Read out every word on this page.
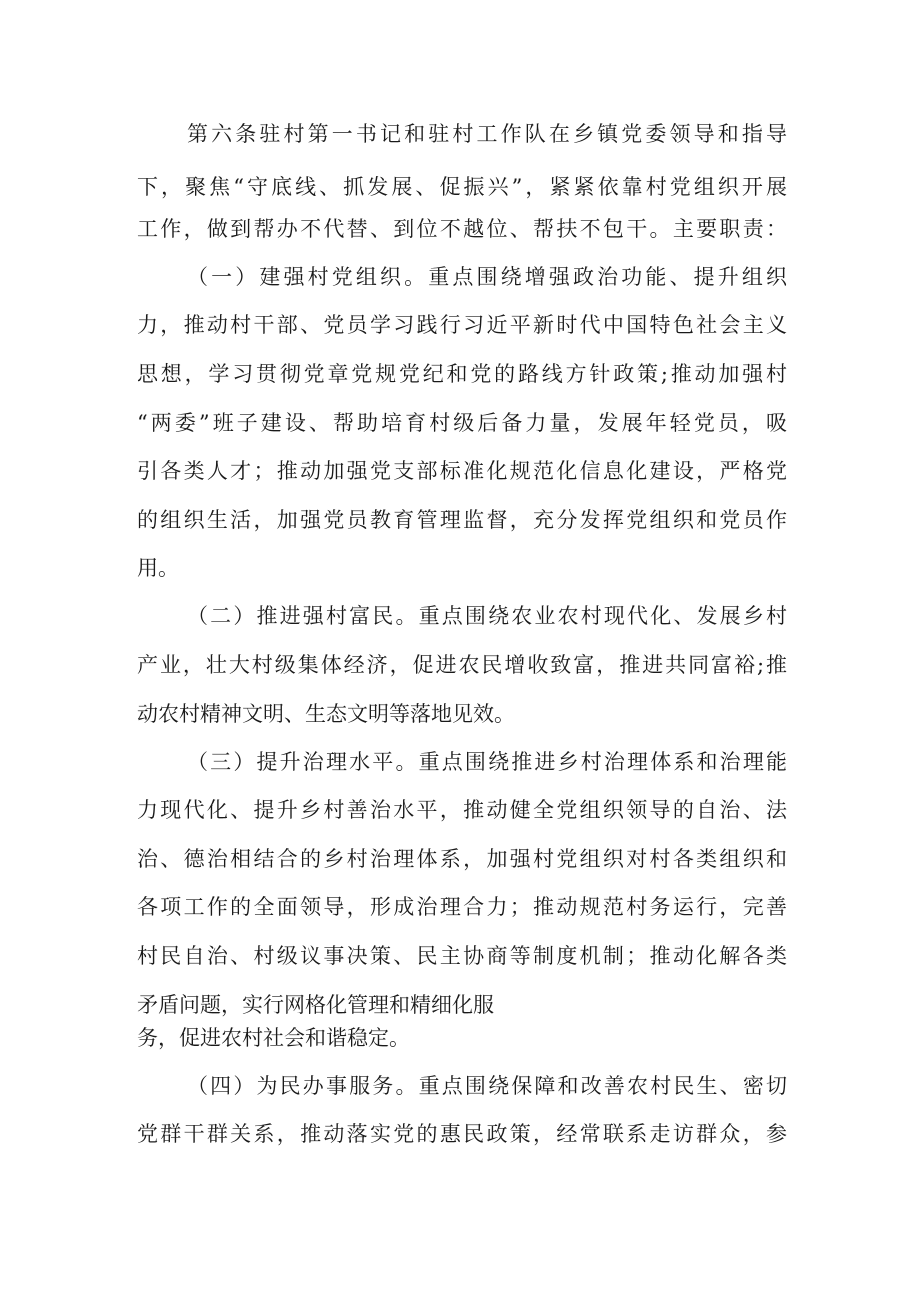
第六条驻村第一书记和驻村工作队在乡镇党委领导和指导
下，聚焦“守底线、抓发展、促振兴”，紧紧依靠村党组织开展
工作，做到帮办不代替、到位不越位、帮扶不包干。主要职责：
（一）建强村党组织。重点围绕增强政治功能、提升组织
力，推动村干部、党员学习践行习近平新时代中国特色社会主义
思想，学习贯彻党章党规党纪和党的路线方针政策;推动加强村
“两委”班子建设、帮助培育村级后备力量，发展年轻党员，吸
引各类人才；推动加强党支部标准化规范化信息化建设，严格党
的组织生活，加强党员教育管理监督，充分发挥党组织和党员作
用。
（二）推进强村富民。重点围绕农业农村现代化、发展乡村
产业，壮大村级集体经济，促进农民增收致富，推进共同富裕;推
动农村精神文明、生态文明等落地见效。
（三）提升治理水平。重点围绕推进乡村治理体系和治理能
力现代化、提升乡村善治水平，推动健全党组织领导的自治、法
治、德治相结合的乡村治理体系，加强村党组织对村各类组织和
各项工作的全面领导，形成治理合力；推动规范村务运行，完善
村民自治、村级议事决策、民主协商等制度机制；推动化解各类
矛盾问题，实行网格化管理和精细化服
务，促进农村社会和谐稳定。
（四）为民办事服务。重点围绕保障和改善农村民生、密切
党群干群关系，推动落实党的惠民政策，经常联系走访群众，参
